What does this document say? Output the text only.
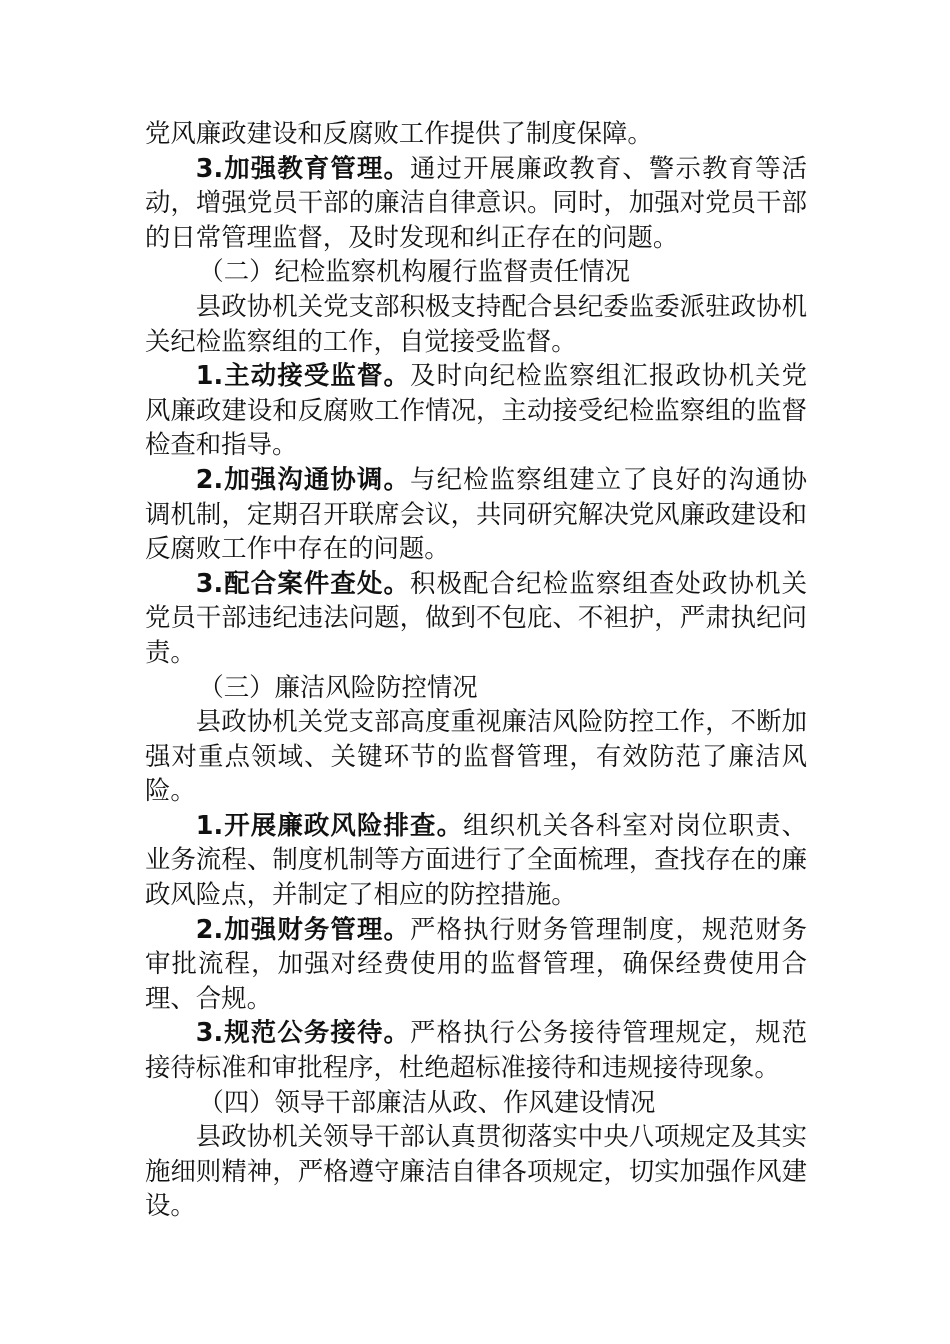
党风廉政建设和反腐败工作提供了制度保障。

3.加强教育管理。通过开展廉政教育、警示教育等活动，增强党员干部的廉洁自律意识。同时，加强对党员干部的日常管理监督，及时发现和纠正存在的问题。

（二）纪检监察机构履行监督责任情况

县政协机关党支部积极支持配合县纪委监委派驻政协机关纪检监察组的工作，自觉接受监督。

1.主动接受监督。及时向纪检监察组汇报政协机关党风廉政建设和反腐败工作情况，主动接受纪检监察组的监督检查和指导。

2.加强沟通协调。与纪检监察组建立了良好的沟通协调机制，定期召开联席会议，共同研究解决党风廉政建设和反腐败工作中存在的问题。

3.配合案件查处。积极配合纪检监察组查处政协机关党员干部违纪违法问题，做到不包庇、不袒护，严肃执纪问责。

（三）廉洁风险防控情况

县政协机关党支部高度重视廉洁风险防控工作，不断加强对重点领域、关键环节的监督管理，有效防范了廉洁风险。

1.开展廉政风险排查。组织机关各科室对岗位职责、业务流程、制度机制等方面进行了全面梳理，查找存在的廉政风险点，并制定了相应的防控措施。

2.加强财务管理。严格执行财务管理制度，规范财务审批流程，加强对经费使用的监督管理，确保经费使用合理、合规。

3.规范公务接待。严格执行公务接待管理规定，规范接待标准和审批程序，杜绝超标准接待和违规接待现象。

（四）领导干部廉洁从政、作风建设情况

县政协机关领导干部认真贯彻落实中央八项规定及其实施细则精神，严格遵守廉洁自律各项规定，切实加强作风建设。
